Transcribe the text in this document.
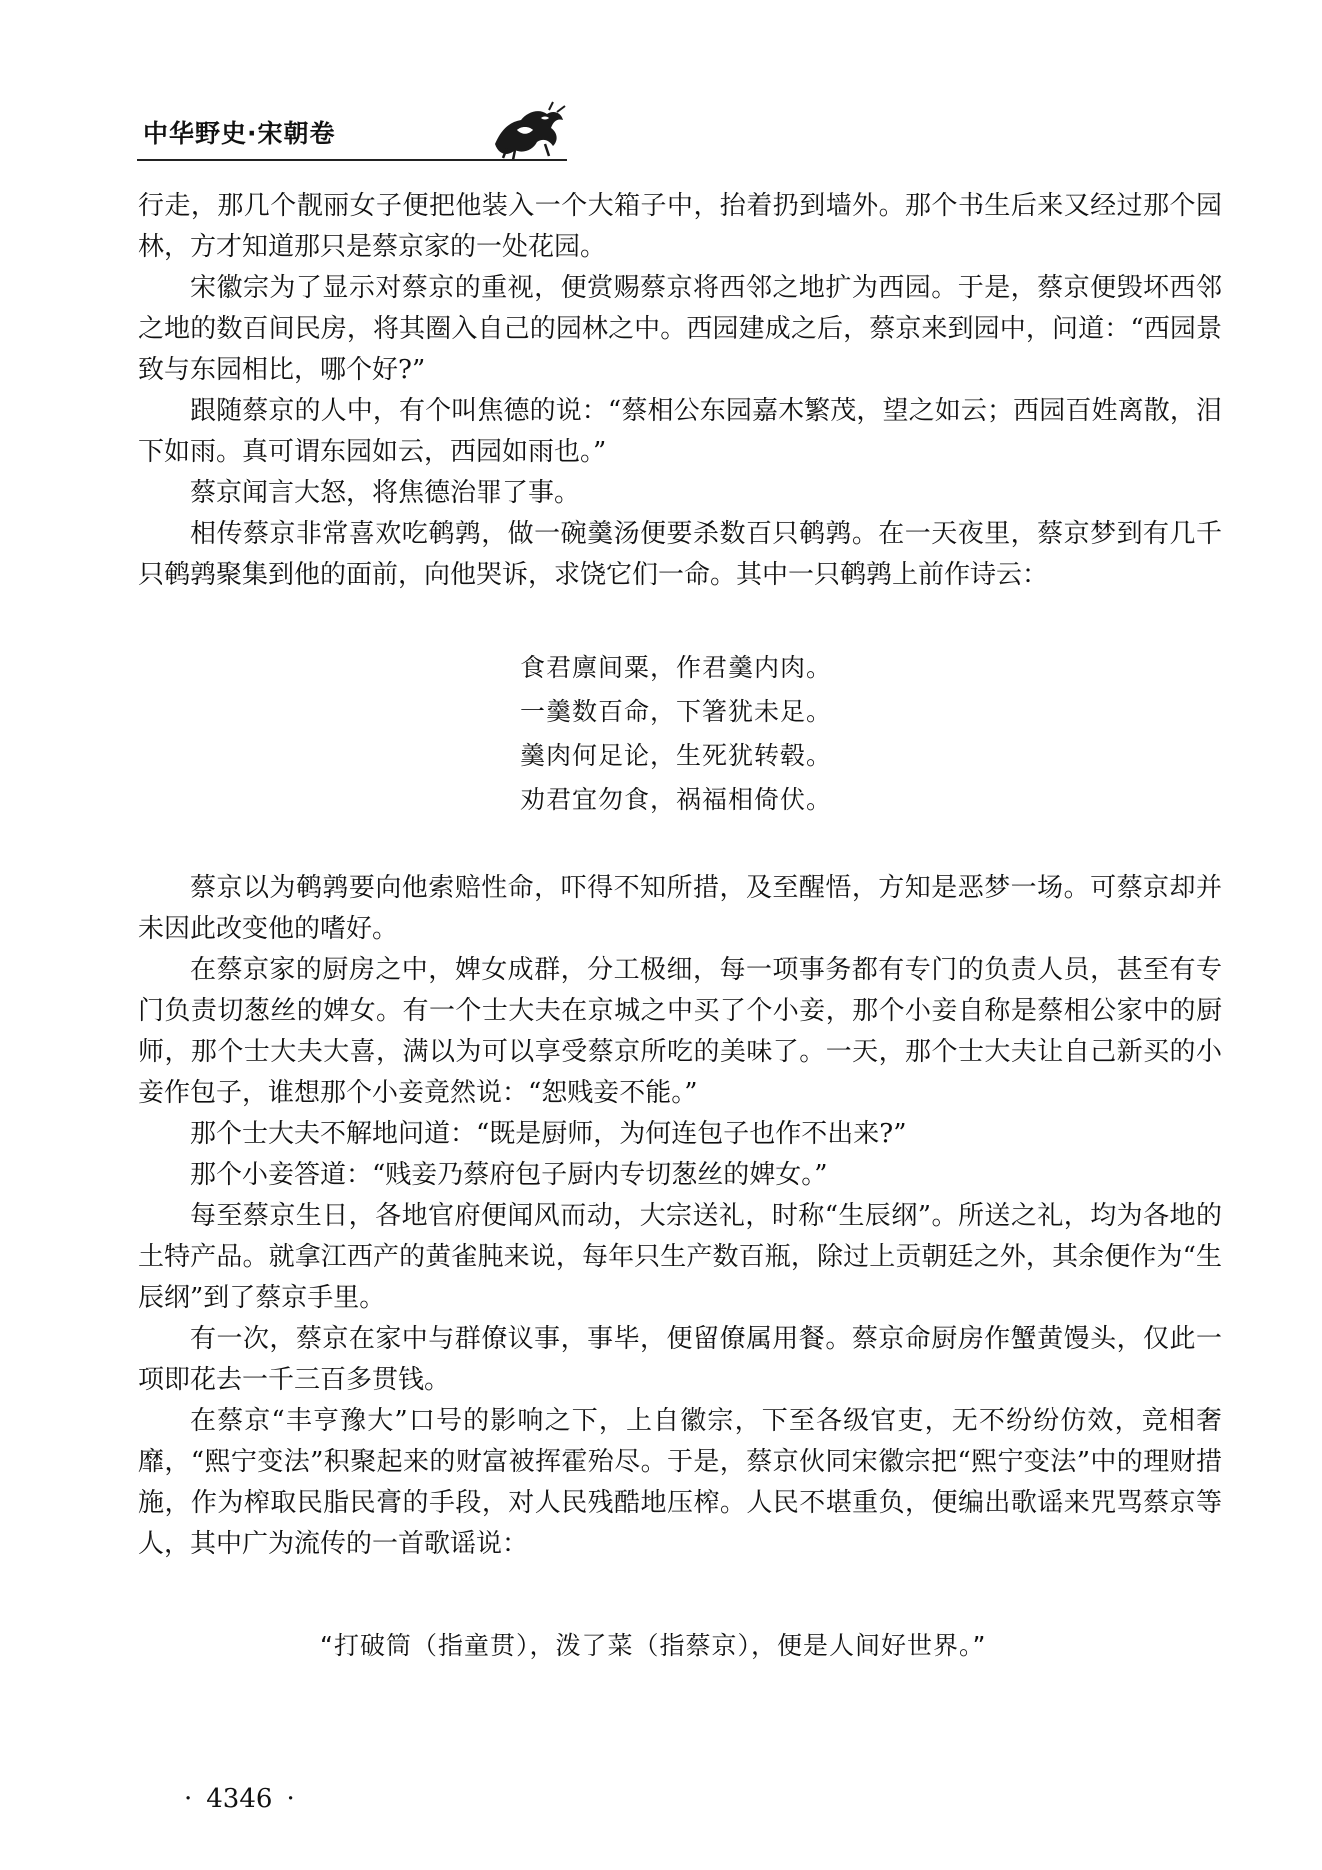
中华野史·宋朝卷

行走，那几个靓丽女子便把他装入一个大箱子中，抬着扔到墙外。那个书生后来又经过那个园林，方才知道那只是蔡京家的一处花园。

宋徽宗为了显示对蔡京的重视，便赏赐蔡京将西邻之地扩为西园。于是，蔡京便毁坏西邻之地的数百间民房，将其圈入自己的园林之中。西园建成之后，蔡京来到园中，问道：“西园景致与东园相比，哪个好?”

跟随蔡京的人中，有个叫焦德的说：“蔡相公东园嘉木繁茂，望之如云；西园百姓离散，泪下如雨。真可谓东园如云，西园如雨也。”

蔡京闻言大怒，将焦德治罪了事。

相传蔡京非常喜欢吃鹌鹑，做一碗羹汤便要杀数百只鹌鹑。在一天夜里，蔡京梦到有几千只鹌鹑聚集到他的面前，向他哭诉，求饶它们一命。其中一只鹌鹑上前作诗云：

食君廪间粟，作君羹内肉。
一羹数百命，下箸犹未足。
羹肉何足论，生死犹转毂。
劝君宜勿食，祸福相倚伏。

蔡京以为鹌鹑要向他索赔性命，吓得不知所措，及至醒悟，方知是恶梦一场。可蔡京却并未因此改变他的嗜好。

在蔡京家的厨房之中，婢女成群，分工极细，每一项事务都有专门的负责人员，甚至有专门负责切葱丝的婢女。有一个士大夫在京城之中买了个小妾，那个小妾自称是蔡相公家中的厨师，那个士大夫大喜，满以为可以享受蔡京所吃的美味了。一天，那个士大夫让自己新买的小妾作包子，谁想那个小妾竟然说：“恕贱妾不能。”

那个士大夫不解地问道：“既是厨师，为何连包子也作不出来?”

那个小妾答道：“贱妾乃蔡府包子厨内专切葱丝的婢女。”

每至蔡京生日，各地官府便闻风而动，大宗送礼，时称“生辰纲”。所送之礼，均为各地的土特产品。就拿江西产的黄雀肫来说，每年只生产数百瓶，除过上贡朝廷之外，其余便作为“生辰纲”到了蔡京手里。

有一次，蔡京在家中与群僚议事，事毕，便留僚属用餐。蔡京命厨房作蟹黄馒头，仅此一项即花去一千三百多贯钱。

在蔡京“丰亨豫大”口号的影响之下，上自徽宗，下至各级官吏，无不纷纷仿效，竞相奢靡，“熙宁变法”积聚起来的财富被挥霍殆尽。于是，蔡京伙同宋徽宗把“熙宁变法”中的理财措施，作为榨取民脂民膏的手段，对人民残酷地压榨。人民不堪重负，便编出歌谣来咒骂蔡京等人，其中广为流传的一首歌谣说：

“打破筒（指童贯），泼了菜（指蔡京），便是人间好世界。”
· 4346 ·
